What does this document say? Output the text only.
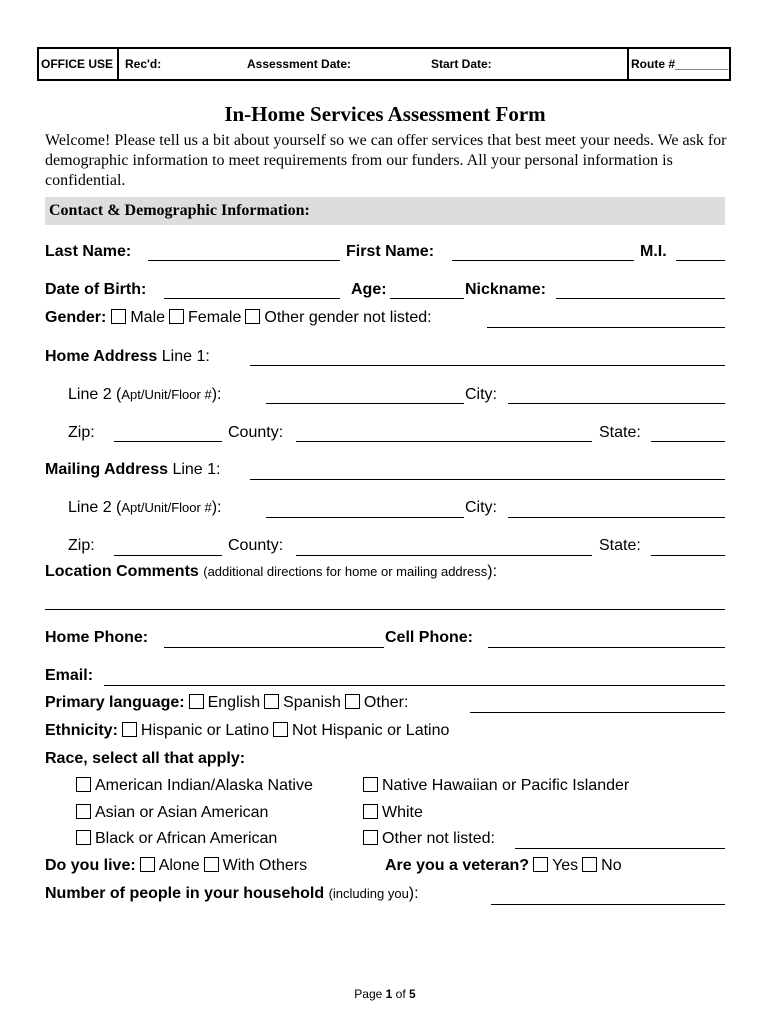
OFFICE USE Rec'd:	Assessment Date:	Start Date:	Route #________
In-Home Services Assessment Form
Welcome! Please tell us a bit about yourself so we can offer services that best meet your needs. We ask for demographic information to meet requirements from our funders. All your personal information is confidential.
Contact & Demographic Information:
Last Name:	First Name:	M.I.
Date of Birth:	Age:	Nickname:
Gender: Male Female Other gender not listed:
Home Address Line 1:
Line 2 (Apt/Unit/Floor #):	City:
Zip:	County:	State:
Mailing Address Line 1:
Line 2 (Apt/Unit/Floor #):	City:
Zip:	County:	State:
Location Comments (additional directions for home or mailing address):
Home Phone:	Cell Phone:
Email:
Primary language: English Spanish Other:
Ethnicity: Hispanic or Latino Not Hispanic or Latino
Race, select all that apply:
American Indian/Alaska Native	Native Hawaiian or Pacific Islander
Asian or Asian American	White
Black or African American	Other not listed:
Do you live: Alone With Others	Are you a veteran? Yes No
Number of people in your household (including you):
Page 1 of 5
